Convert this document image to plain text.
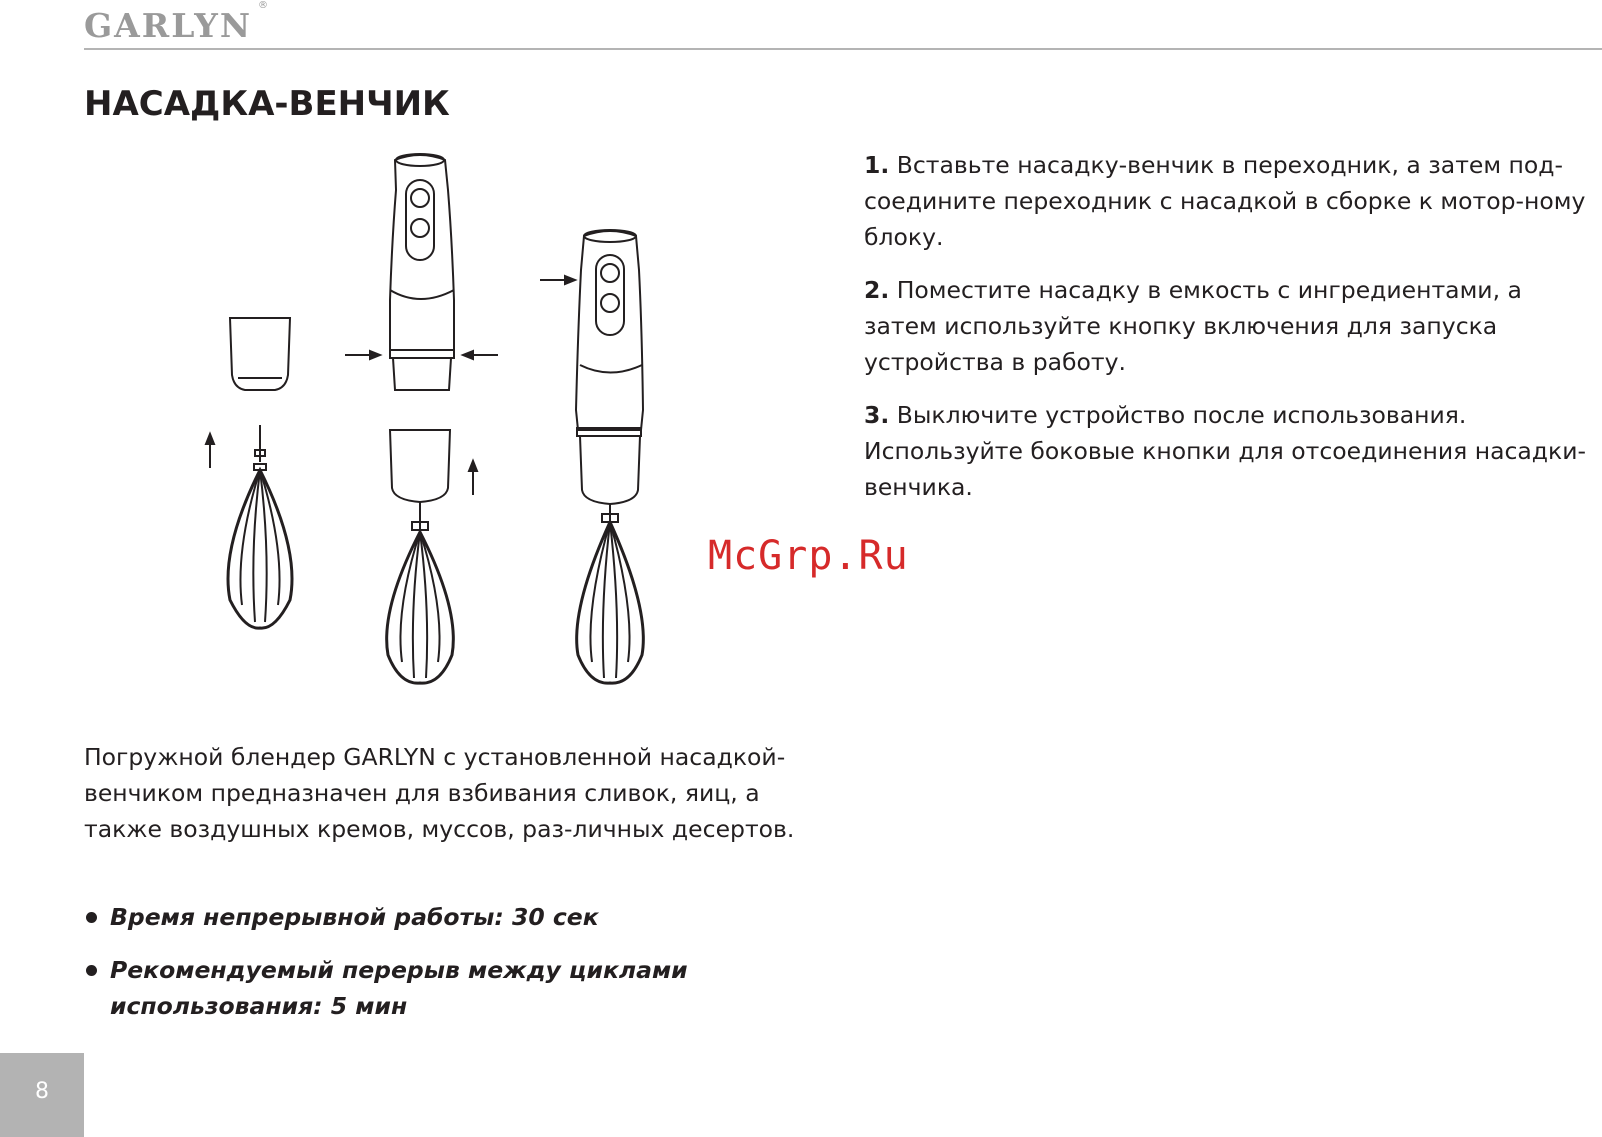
GARLYN
®
НАСАДКА-ВЕНЧИК

1. Вставьте насадку-венчик в переходник, а затем под-соедините переходник с насадкой в сборке к мотор-ному блоку.

2. Поместите насадку в емкость с ингредиентами, а затем используйте кнопку включения для запуска устройства в работу.

3. Выключите устройство после использования. Используйте боковые кнопки для отсоединения насадки-венчика.

McGrp.Ru

Погружной блендер GARLYN с установленной насадкой-венчиком предназначен для взбивания сливок, яиц, а также воздушных кремов, муссов, раз-личных десертов.

Время непрерывной работы: 30 сек
Рекомендуемый перерыв между циклами использования: 5 мин
8
